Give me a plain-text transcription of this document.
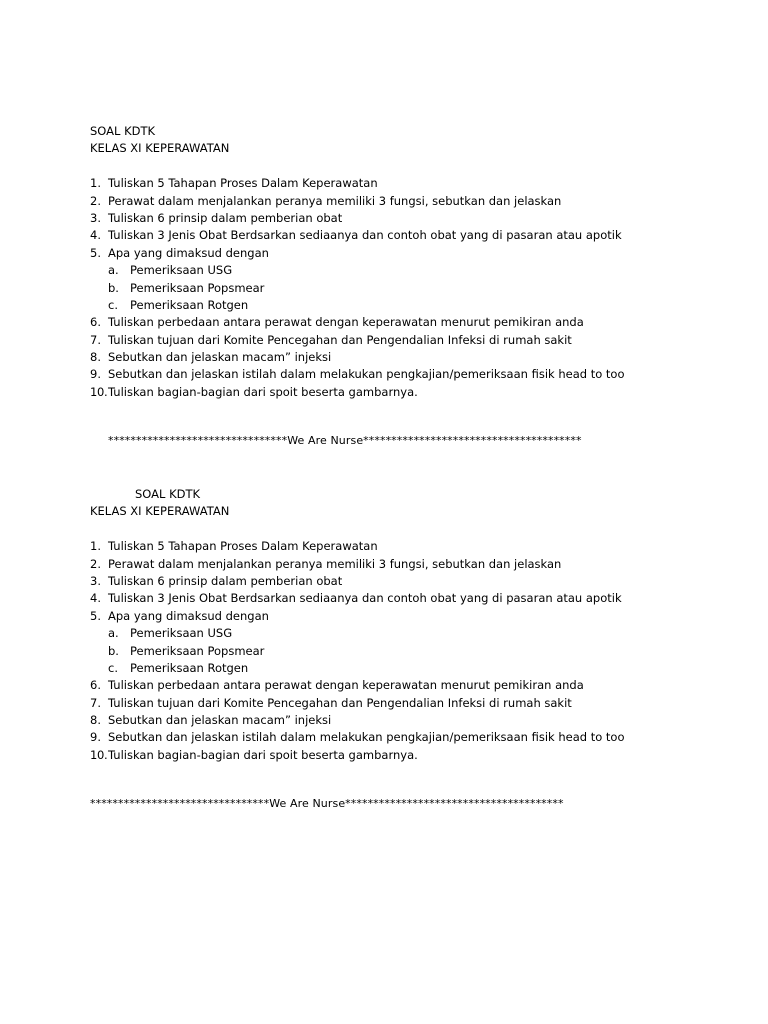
SOAL KDTK
KELAS XI KEPERAWATAN
1. Tuliskan 5 Tahapan Proses Dalam Keperawatan
2. Perawat dalam menjalankan peranya memiliki 3 fungsi, sebutkan dan jelaskan
3. Tuliskan 6 prinsip dalam pemberian obat
4. Tuliskan 3 Jenis Obat Berdsarkan sediaanya dan contoh obat yang di pasaran atau apotik
5. Apa yang dimaksud dengan
a. Pemeriksaan USG
b. Pemeriksaan Popsmear
c.	Pemeriksaan Rotgen
6. Tuliskan perbedaan antara perawat dengan keperawatan menurut pemikiran anda
7. Tuliskan tujuan dari Komite Pencegahan dan Pengendalian Infeksi di rumah sakit
8. Sebutkan dan jelaskan macam” injeksi
9. Sebutkan dan jelaskan istilah dalam melakukan pengkajian/pemeriksaan fisik head to too
10. Tuliskan bagian-bagian dari spoit beserta gambarnya.
********************************We Are Nurse***************************************
SOAL KDTK
KELAS XI KEPERAWATAN
1. Tuliskan 5 Tahapan Proses Dalam Keperawatan
2. Perawat dalam menjalankan peranya memiliki 3 fungsi, sebutkan dan jelaskan
3. Tuliskan 6 prinsip dalam pemberian obat
4. Tuliskan 3 Jenis Obat Berdsarkan sediaanya dan contoh obat yang di pasaran atau apotik
5. Apa yang dimaksud dengan
a. Pemeriksaan USG
b. Pemeriksaan Popsmear
c.	Pemeriksaan Rotgen
6. Tuliskan perbedaan antara perawat dengan keperawatan menurut pemikiran anda
7. Tuliskan tujuan dari Komite Pencegahan dan Pengendalian Infeksi di rumah sakit
8. Sebutkan dan jelaskan macam” injeksi
9. Sebutkan dan jelaskan istilah dalam melakukan pengkajian/pemeriksaan fisik head to too
10. Tuliskan bagian-bagian dari spoit beserta gambarnya.
********************************We Are Nurse***************************************
